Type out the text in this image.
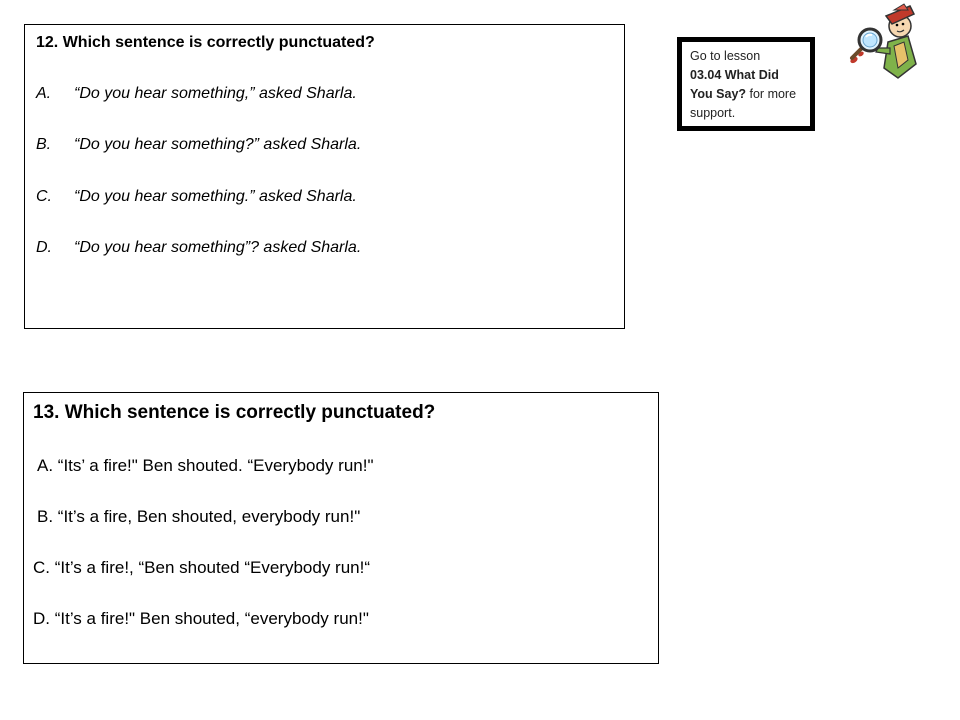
12. Which sentence is correctly punctuated?
A. “Do you hear something,” asked Sharla.
B. “Do you hear something?” asked Sharla.
C. “Do you hear something.” asked Sharla.
D. “Do you hear something”? asked Sharla.
13. Which sentence is correctly punctuated?
A. “Its’ a fire!" Ben shouted. “Everybody run!"
B. “It’s a fire, Ben shouted, everybody run!"
C. “It’s a fire!, “Ben shouted “Everybody run!“
D. “It’s a fire!" Ben shouted, “everybody run!"
Go to lesson
03.04 What Did You Say? for more support.
